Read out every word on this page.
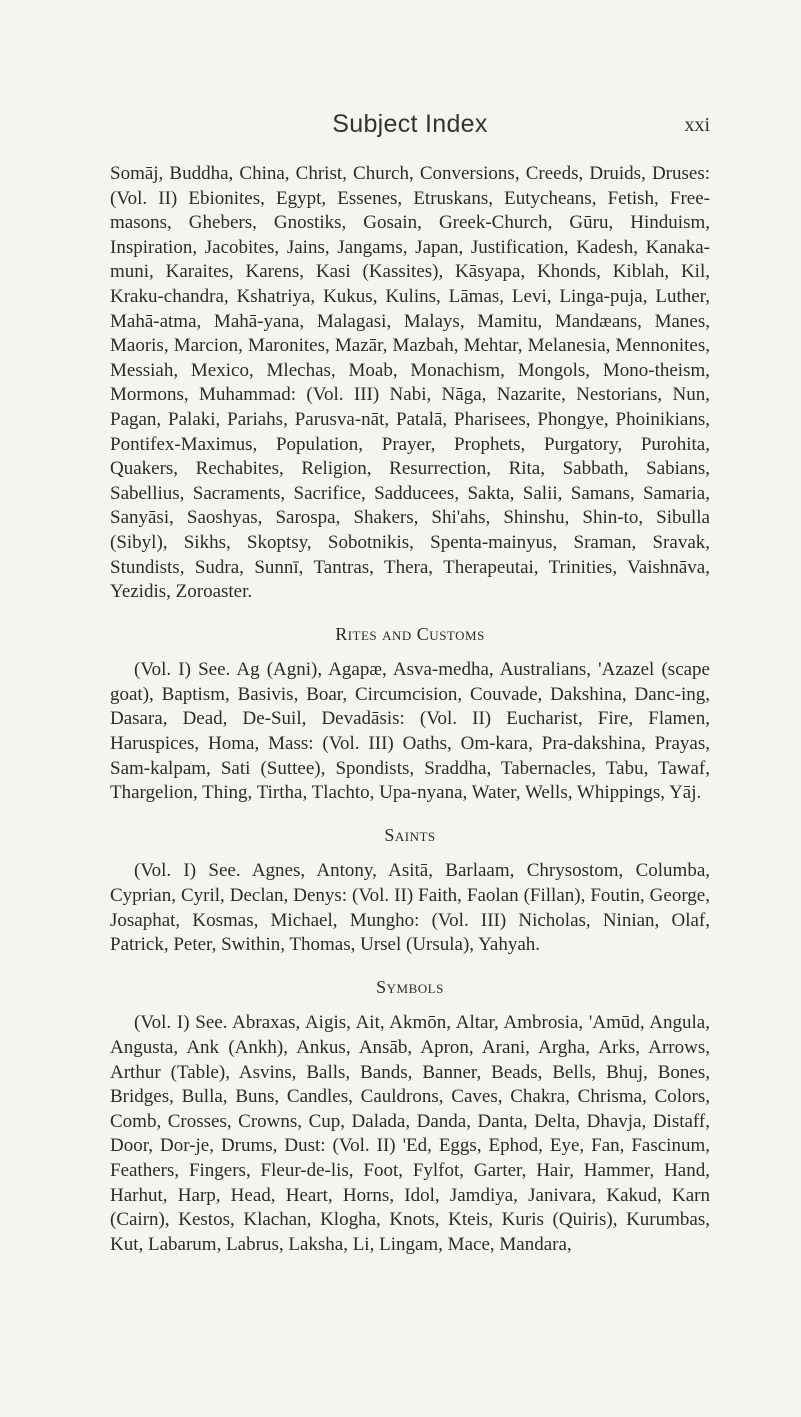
Subject Index	xxi

Somāj, Buddha, China, Christ, Church, Conversions, Creeds, Druids, Druses: (Vol. II) Ebionites, Egypt, Essenes, Etruskans, Eutycheans, Fetish, Free-masons, Ghebers, Gnostiks, Gosain, Greek-Church, Gūru, Hinduism, Inspiration, Jacobites, Jains, Jangams, Japan, Justification, Kadesh, Kanaka-muni, Karaites, Karens, Kasi (Kassites), Kāsyapa, Khonds, Kiblah, Kil, Kraku-chandra, Kshatriya, Kukus, Kulins, Lāmas, Levi, Linga-puja, Luther, Mahā-atma, Mahā-yana, Malagasi, Malays, Mamitu, Mandæans, Manes, Maoris, Marcion, Maronites, Mazār, Mazbah, Mehtar, Melanesia, Mennonites, Messiah, Mexico, Mlechas, Moab, Monachism, Mongols, Mono-theism, Mormons, Muhammad: (Vol. III) Nabi, Nāga, Nazarite, Nestorians, Nun, Pagan, Palaki, Pariahs, Parusva-nāt, Patalā, Pharisees, Phongye, Phoinikians, Pontifex-Maximus, Population, Prayer, Prophets, Purgatory, Purohita, Quakers, Rechabites, Religion, Resurrection, Rita, Sabbath, Sabians, Sabellius, Sacraments, Sacrifice, Sadducees, Sakta, Salii, Samans, Samaria, Sanyāsi, Saoshyas, Sarospa, Shakers, Shi'ahs, Shinshu, Shin-to, Sibulla (Sibyl), Sikhs, Skoptsy, Sobotnikis, Spenta-mainyus, Sraman, Sravak, Stundists, Sudra, Sunnī, Tantras, Thera, Therapeutai, Trinities, Vaishnāva, Yezidis, Zoroaster.

Rites and Customs

(Vol. I) See. Ag (Agni), Agapæ, Asva-medha, Australians, 'Azazel (scape goat), Baptism, Basivis, Boar, Circumcision, Couvade, Dakshina, Danc-ing, Dasara, Dead, De-Suil, Devadāsis: (Vol. II) Eucharist, Fire, Flamen, Haruspices, Homa, Mass: (Vol. III) Oaths, Om-kara, Pra-dakshina, Prayas, Sam-kalpam, Sati (Suttee), Spondists, Sraddha, Tabernacles, Tabu, Tawaf, Thargelion, Thing, Tirtha, Tlachto, Upa-nyana, Water, Wells, Whippings, Yāj.

Saints

(Vol. I) See. Agnes, Antony, Asitā, Barlaam, Chrysostom, Columba, Cyprian, Cyril, Declan, Denys: (Vol. II) Faith, Faolan (Fillan), Foutin, George, Josaphat, Kosmas, Michael, Mungho: (Vol. III) Nicholas, Ninian, Olaf, Patrick, Peter, Swithin, Thomas, Ursel (Ursula), Yahyah.

Symbols

(Vol. I) See. Abraxas, Aigis, Ait, Akmōn, Altar, Ambrosia, 'Amūd, Angula, Angusta, Ank (Ankh), Ankus, Ansāb, Apron, Arani, Argha, Arks, Arrows, Arthur (Table), Asvins, Balls, Bands, Banner, Beads, Bells, Bhuj, Bones, Bridges, Bulla, Buns, Candles, Cauldrons, Caves, Chakra, Chrisma, Colors, Comb, Crosses, Crowns, Cup, Dalada, Danda, Danta, Delta, Dhavja, Distaff, Door, Dor-je, Drums, Dust: (Vol. II) 'Ed, Eggs, Ephod, Eye, Fan, Fascinum, Feathers, Fingers, Fleur-de-lis, Foot, Fylfot, Garter, Hair, Hammer, Hand, Harhut, Harp, Head, Heart, Horns, Idol, Jamdiya, Janivara, Kakud, Karn (Cairn), Kestos, Klachan, Klogha, Knots, Kteis, Kuris (Quiris), Kurumbas, Kut, Labarum, Labrus, Laksha, Li, Lingam, Mace, Mandara,
